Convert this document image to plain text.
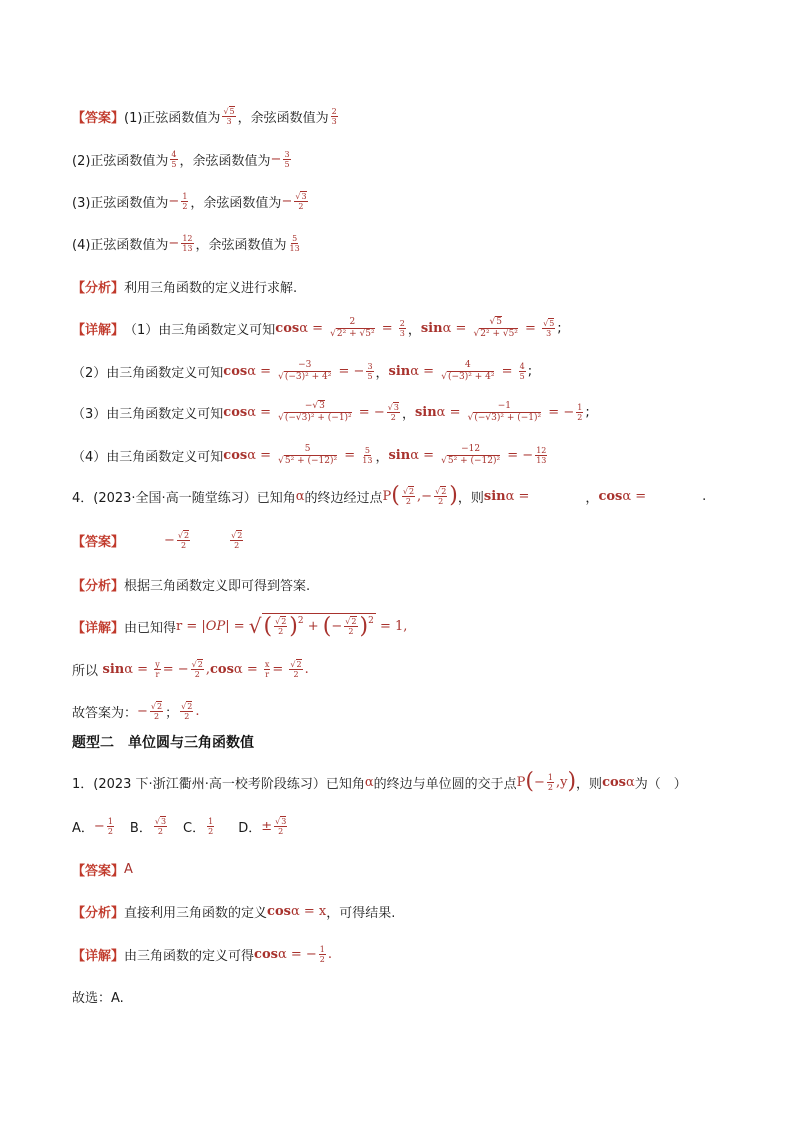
【答案】 (1)正弦函数值为 $\frac{√5}{3}$ ，余弦函数值为 $\frac{2}{3}$
(2)正弦函数值为 $\frac{4}{5}$ ，余弦函数值为 − $\frac{3}{5}$
(3)正弦函数值为 − $\frac{1}{2}$ ，余弦函数值为 − $\frac{√3}{2}$
(4)正弦函数值为 − $\frac{12}{13}$ ，余弦函数值为 $\frac{5}{13}$
【分析】 利用三角函数的定义进行求解.
【详解】 （1）由三角函数定义可知 $\cos \alpha = \frac{2}{\text{√2² + √5²}} = \frac{2}{3}$ ， $\sin \alpha = \frac{√5}{\text{√2² + √5²}} = \frac{√5}{3}$ ;
（2）由三角函数定义可知 $\cos \alpha = \frac{-3}{\text{√(−3)² + 4²}}$ = − $\frac{3}{5}$ ， $\sin \alpha = \frac{4}{\text{√(−3)² + 4²}} = \frac{4}{5}$ ;
（3）由三角函数定义可知 $\cos \alpha = \frac{-√3}{\text{√(−√3)² + (−1)²}}$ = − $\frac{√3}{2}$ ， $\sin \alpha = \frac{-1}{\text{√(−√3)² + (−1)²}}$ = − $\frac{1}{2}$ ;
（4）由三角函数定义可知 $\cos \alpha = \frac{5}{\text{√5² + (−12)²}} = \frac{5}{13}$ ， $\sin \alpha = \frac{-12}{\text{√5² + (−12)²}}$ = − $\frac{12}{13}$
4．(2023·全国·高一随堂练习）已知角 α 的终边经过点 P ( $\frac{√2}{2}$ ,− $\frac{√2}{2}$ ) ，则 sin α =	， cos α =	.
【答案】	− $\frac{√2}{2}$	$\frac{√2}{2}$
【分析】 根据三角函数定义即可得到答案.
【详解】 由已知得 r = |OP| = √ ( $\frac{√2}{2}$ ) 2 + ( − $\frac{√2}{2}$ ) 2 = 1,
所以 $\sin \alpha = \frac{y}{r}$ = − $\frac{√2}{2}$ , $\cos \alpha = \frac{x}{r} = \frac{√2}{2}$ .
故答案为： − $\frac{√2}{2}$ ； $\frac{√2}{2}$ .
题型二　单位圆与三角函数值
1．(2023 下·浙江衢州·高一校考阶段练习）已知角 α 的终边与单位圆的交于点 P ( − $\frac{1}{2} ,y$ ) ，则 cos α 为（　）
A． − $\frac{1}{2}$ B． $\frac{√3}{2}$ C． $\frac{1}{2}$ D． ± $\frac{√3}{2}$
【答案】 A
【分析】 直接利用三角函数的定义 cos α = x ，可得结果.
【详解】 由三角函数的定义可得 cos α = − $\frac{1}{2}$ .
故选：A.
